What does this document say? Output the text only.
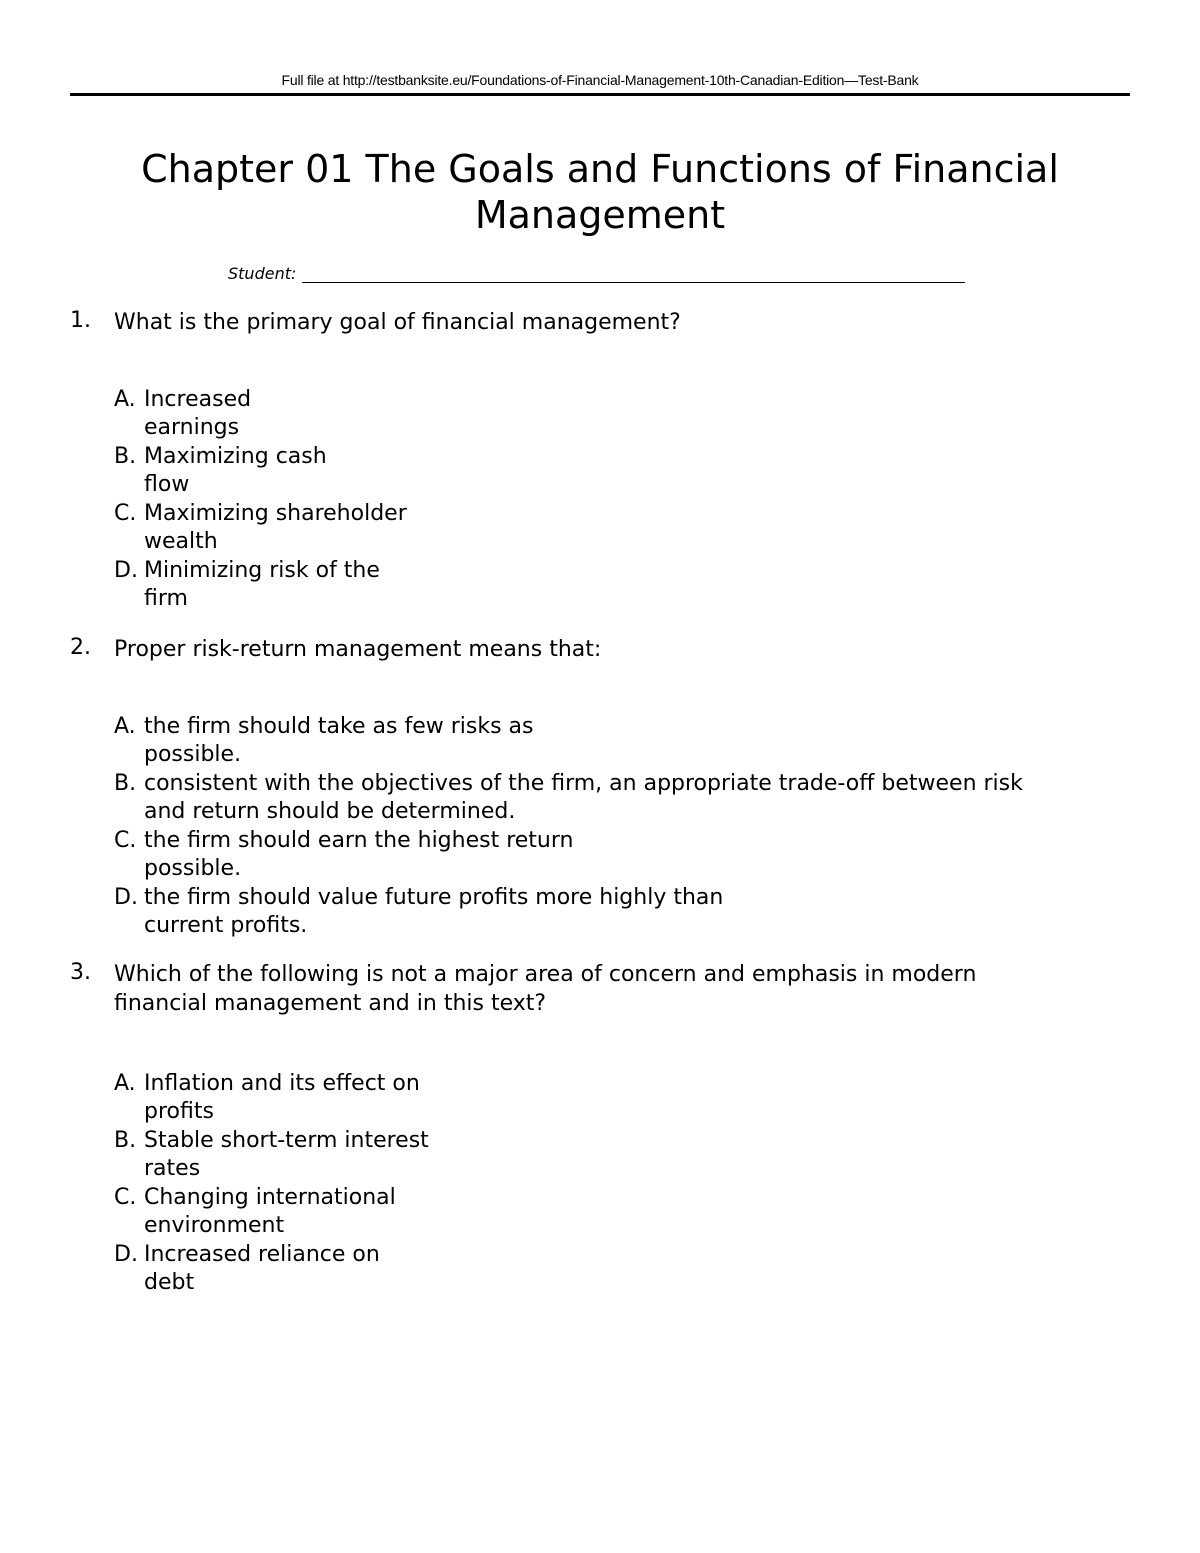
Full file at http://testbanksite.eu/Foundations-of-Financial-Management-10th-Canadian-Edition—Test-Bank
Chapter 01 The Goals and Functions of Financial
Management
Student:
1.	What is the primary goal of financial management?
A. Increased
earnings
B. Maximizing cash
flow
C. Maximizing shareholder
wealth
D. Minimizing risk of the
firm
2.	Proper risk-return management means that:
A. the firm should take as few risks as
possible.
B. consistent with the objectives of the firm, an appropriate trade-off between risk
and return should be determined.
C. the firm should earn the highest return
possible.
D. the firm should value future profits more highly than
current profits.
3.	Which of the following is not a major area of concern and emphasis in modern
financial management and in this text?
A. Inflation and its effect on
profits
B. Stable short-term interest
rates
C. Changing international
environment
D. Increased reliance on
debt
